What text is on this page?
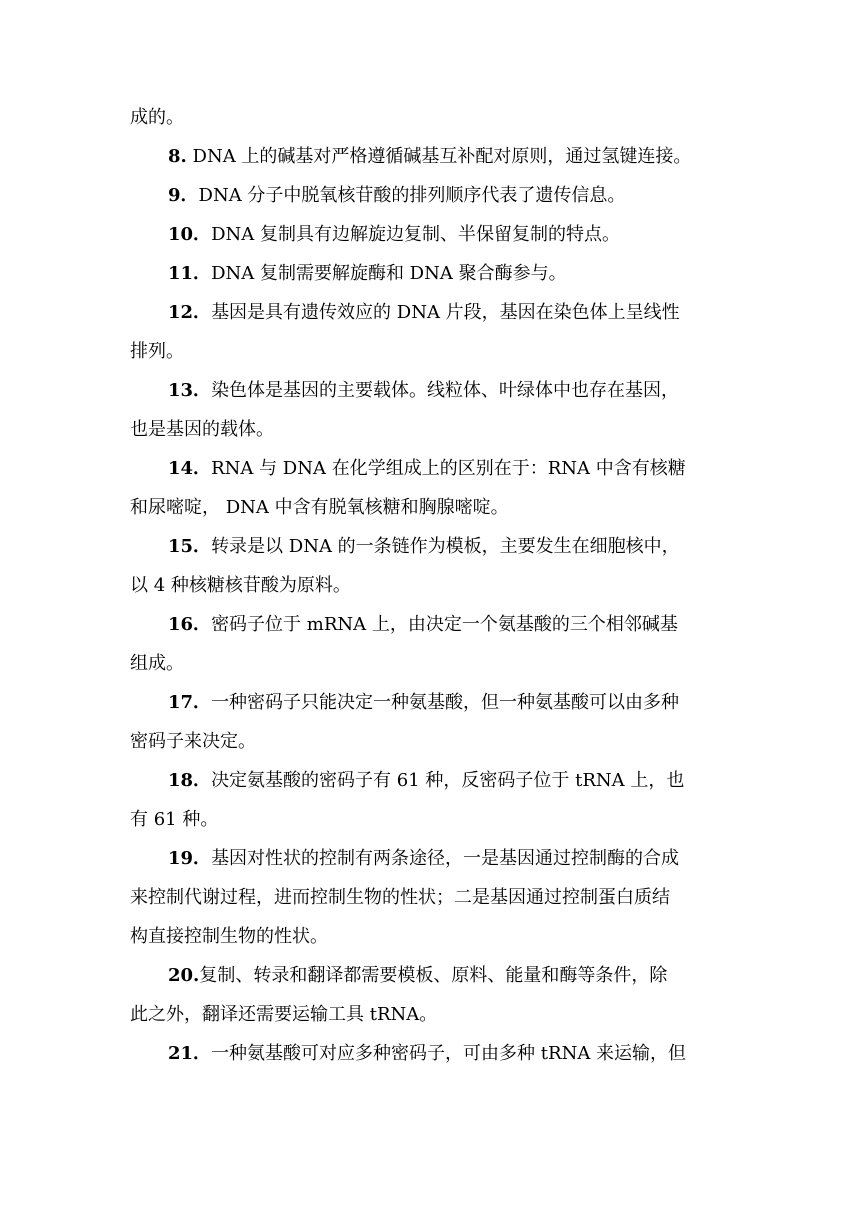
成的。
8. DNA 上的碱基对严格遵循碱基互补配对原则，通过氢键连接。
9．DNA 分子中脱氧核苷酸的排列顺序代表了遗传信息。
10．DNA 复制具有边解旋边复制、半保留复制的特点。
11．DNA 复制需要解旋酶和 DNA 聚合酶参与。
12．基因是具有遗传效应的 DNA 片段，基因在染色体上呈线性
排列。
13．染色体是基因的主要载体。线粒体、叶绿体中也存在基因，
也是基因的载体。
14．RNA 与 DNA 在化学组成上的区别在于：RNA 中含有核糖
和尿嘧啶， DNA 中含有脱氧核糖和胸腺嘧啶。
15．转录是以 DNA 的一条链作为模板，主要发生在细胞核中，
以 4 种核糖核苷酸为原料。
16．密码子位于 mRNA 上，由决定一个氨基酸的三个相邻碱基
组成。
17．一种密码子只能决定一种氨基酸，但一种氨基酸可以由多种
密码子来决定。
18．决定氨基酸的密码子有 61 种，反密码子位于 tRNA 上，也
有 61 种。
19．基因对性状的控制有两条途径，一是基因通过控制酶的合成
来控制代谢过程，进而控制生物的性状；二是基因通过控制蛋白质结
构直接控制生物的性状。
20.复制、转录和翻译都需要模板、原料、能量和酶等条件，除
此之外，翻译还需要运输工具 tRNA。
21．一种氨基酸可对应多种密码子，可由多种 tRNA 来运输，但
